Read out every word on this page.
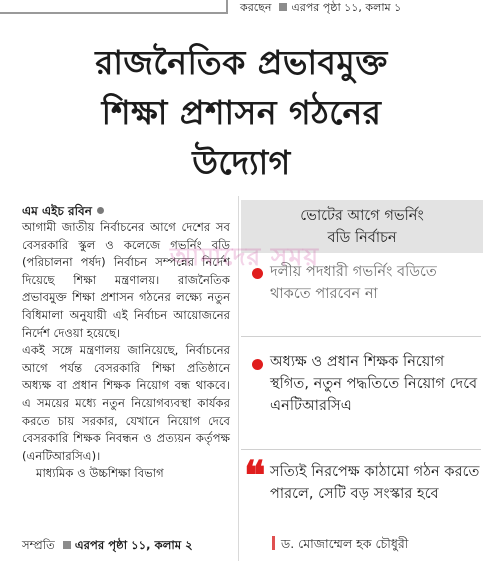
করছেন এরপর পৃষ্ঠা ১১, কলাম ১
রাজনৈতিক প্রভাবমুক্ত
শিক্ষা প্রশাসন গঠনের
উদ্যোগ
এম এইচ রবিন

আগামী জাতীয় নির্বাচনের আগে দেশের সব বেসরকারি স্কুল ও কলেজে গভর্নিং বডি (পরিচালনা পর্ষদ) নির্বাচন সম্পন্নের নির্দেশ দিয়েছে শিক্ষা মন্ত্রণালয়। রাজনৈতিক প্রভাবমুক্ত শিক্ষা প্রশাসন গঠনের লক্ষ্যে নতুন বিধিমালা অনুযায়ী এই নির্বাচন আয়োজনের নির্দেশ দেওয়া হয়েছে।

একই সঙ্গে মন্ত্রণালয় জানিয়েছে, নির্বাচনের আগে পর্যন্ত বেসরকারি শিক্ষা প্রতিষ্ঠানে অধ্যক্ষ বা প্রধান শিক্ষক নিয়োগ বন্ধ থাকবে। এ সময়ের মধ্যে নতুন নিয়োগব্যবস্থা কার্যকর করতে চায় সরকার, যেখানে নিয়োগ দেবে বেসরকারি শিক্ষক নিবন্ধন ও প্রত্যয়ন কর্তৃপক্ষ (এনটিআরসিএ)।

মাধ্যমিক ও উচ্চশিক্ষা বিভাগ

সম্প্রতি এরপর পৃষ্ঠা ১১, কলাম ২
ভোটের আগে গভর্নিং
বডি নির্বাচন
দলীয় পদধারী গভর্নিং বডিতে থাকতে পারবেন না
অধ্যক্ষ ও প্রধান শিক্ষক নিয়োগ স্থগিত, নতুন পদ্ধতিতে নিয়োগ দেবে এনটিআরসিএ
❝ সত্যিই নিরপেক্ষ কাঠামো গঠন করতে পারলে, সেটি বড় সংস্কার হবে
ড. মোজাম্মেল হক চৌধুরী
আমাদের সময়
